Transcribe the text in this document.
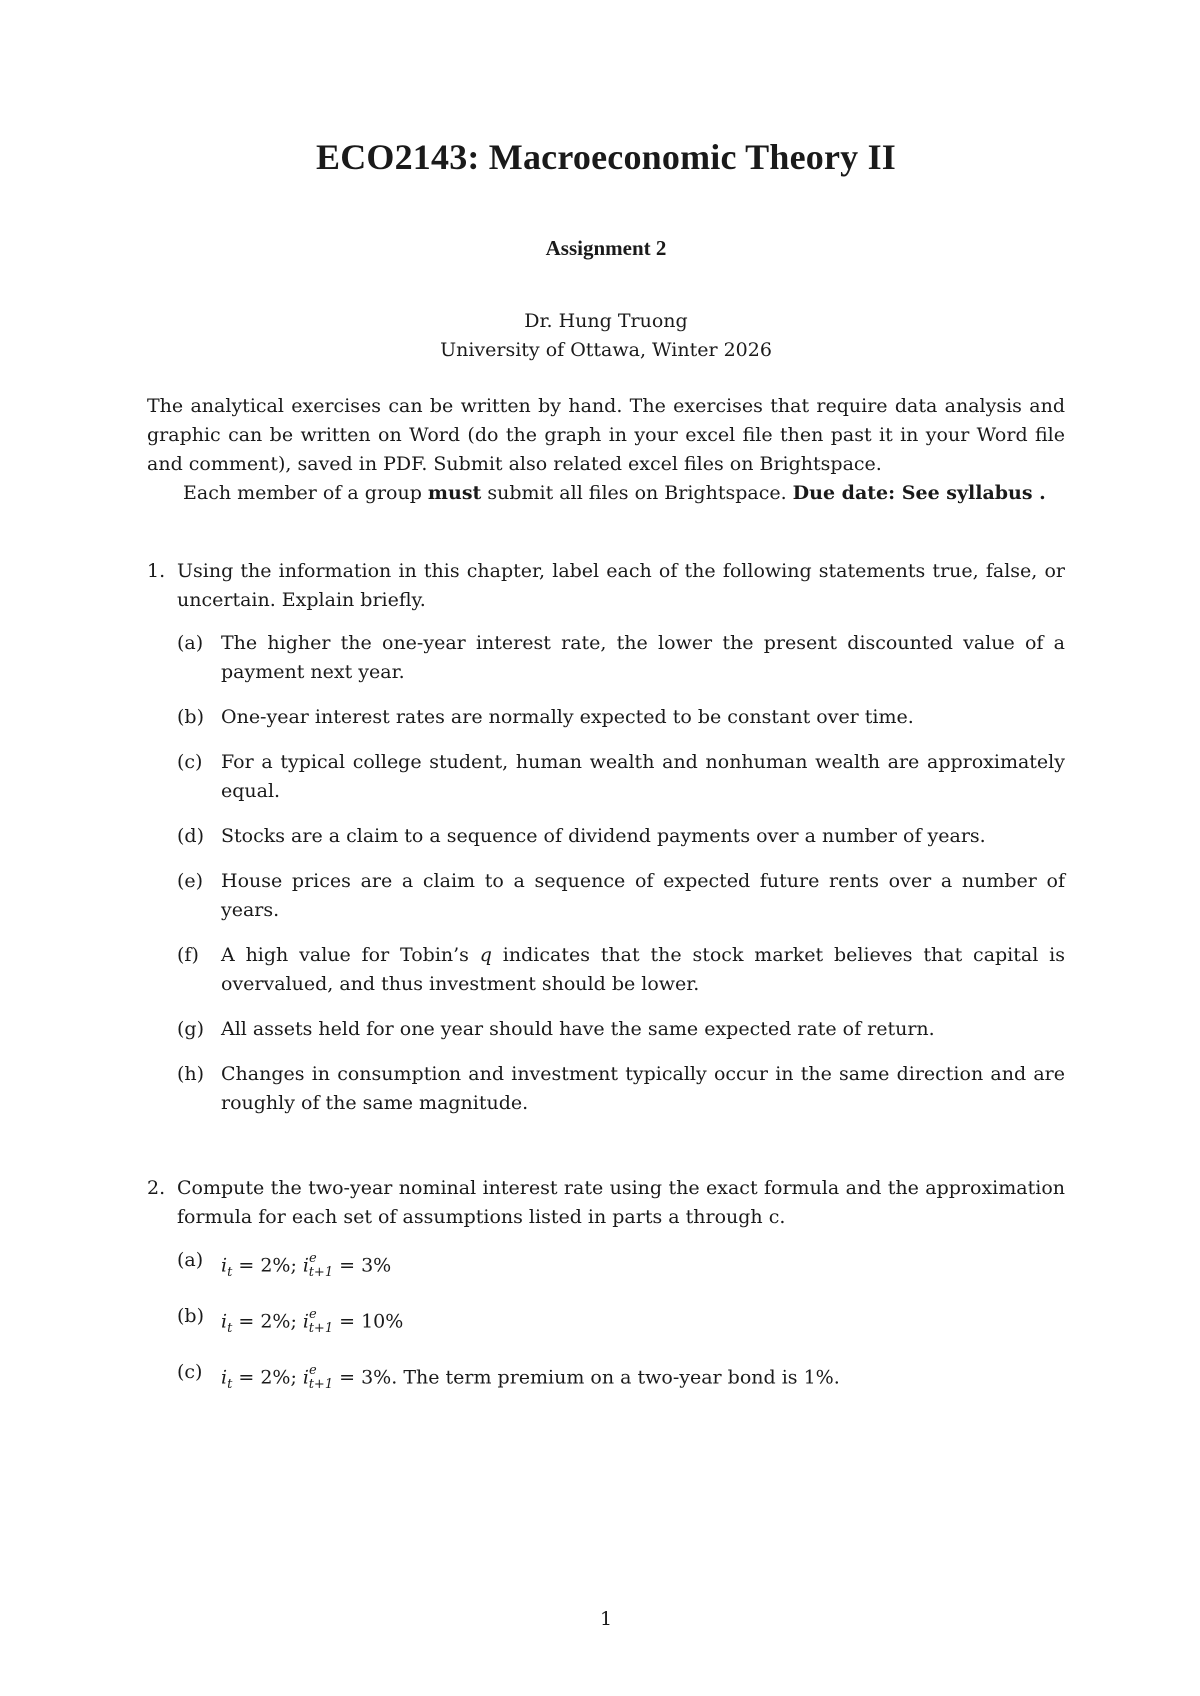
ECO2143: Macroeconomic Theory II
Assignment 2
Dr. Hung Truong
University of Ottawa, Winter 2026

The analytical exercises can be written by hand. The exercises that require data analysis and graphic can be written on Word (do the graph in your excel file then past it in your Word file and comment), saved in PDF. Submit also related excel files on Brightspace.

Each member of a group must submit all files on Brightspace. Due date: See syllabus .

1. Using the information in this chapter, label each of the following statements true, false, or uncertain. Explain briefly.
(a) The higher the one-year interest rate, the lower the present discounted value of a payment next year.
(b) One-year interest rates are normally expected to be constant over time.
(c) For a typical college student, human wealth and nonhuman wealth are approximately equal.
(d) Stocks are a claim to a sequence of dividend payments over a number of years.
(e) House prices are a claim to a sequence of expected future rents over a number of years.
(f)	A high value for Tobin’s q indicates that the stock market believes that capital is overvalued, and thus investment should be lower.
(g) All assets held for one year should have the same expected rate of return.
(h) Changes in consumption and investment typically occur in the same direction and are roughly of the same magnitude.
2. Compute the two-year nominal interest rate using the exact formula and the approximation formula for each set of assumptions listed in parts a through c.
(a) $i_t = 2\%$; $i^e_{t+1} = 3\%$
(b) $i_t = 2\%$; $i^e_{t+1} = 10\%$
(c) $i_t = 2\%$; $i^e_{t+1} = 3\%$. The term premium on a two-year bond is 1%.
1
